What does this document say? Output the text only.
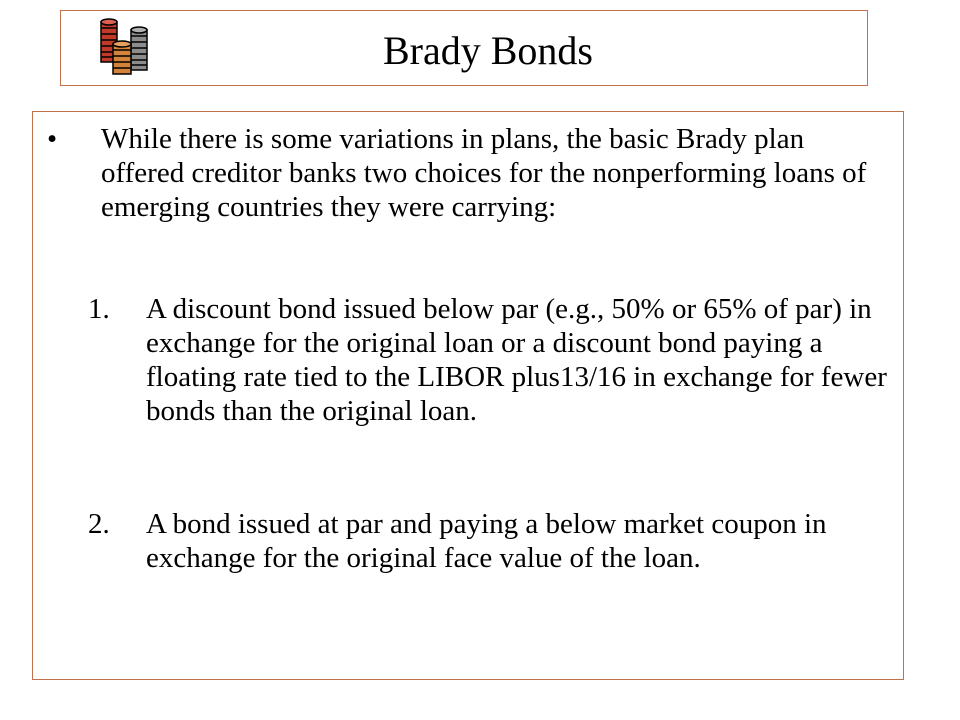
Brady Bonds
•	While there is some variations in plans, the basic Brady plan offered creditor banks two choices for the nonperforming loans of emerging countries they were carrying:
1.	A discount bond issued below par (e.g., 50% or 65% of par) in exchange for the original loan or a discount bond paying a floating rate tied to the LIBOR plus13/16 in exchange for fewer bonds than the original loan.
2.	A bond issued at par and paying a below market coupon in exchange for the original face value of the loan.
